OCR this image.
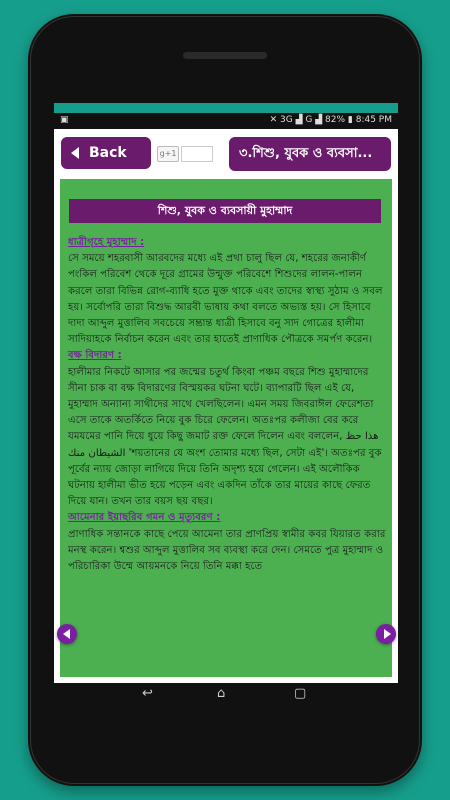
▣	✕ 3G ▟ G ▟ 82% ▮ 8:45 PM
Back	g+1	৩.শিশু, যুবক ও ব্যবসা...
শিশু, যুবক ও ব্যবসায়ী মুহাম্মাদ
ধাত্রীগৃহে মুহাম্মাদ :
সে সময়ে শহরবাসী আরবদের মধ্যে এই প্রথা চালু ছিল যে, শহরের জনাকীর্ণ পংকিল পরিবেশ থেকে দূরে গ্রামের উন্মুক্ত পরিবেশে শিশুদের লালন-পালন করলে তারা বিভিন্ন রোগ-ব্যাধি হতে মুক্ত থাকে এবং তাদের স্বাস্থ্য সুঠাম ও সবল হয়। সর্বোপরি তারা বিশুদ্ধ আরবী ভাষায় কথা বলতে অভ্যস্ত হয়। সে হিসাবে দাদা আব্দুল মুত্তালিব সবচেয়ে সম্ভ্রান্ত ধাত্রী হিসাবে বনু সাদ গোত্রের হালীমা সাদিয়াহকে নির্বাচন করেন এবং তার হাতেই প্রাণাধিক পৌত্রকে সমর্পণ করেন।
বক্ষ বিদারণ :
হালীমার নিকটে আসার পর জন্মের চতুর্থ কিংবা পঞ্চম বছরে শিশু মুহাম্মাদের সীনা চাক বা বক্ষ বিদারণের বিস্ময়কর ঘটনা ঘটে। ব্যাপারটি ছিল এই যে, মুহাম্মাদ অন্যান্য সাথীদের সাথে খেলছিলেন। এমন সময় জিবরাঈল ফেরেশতা এসে তাকে অতর্কিতে নিয়ে বুক চিরে ফেলেন। অতঃপর কলীজা বের করে যমযমের পানি দিয়ে ধুয়ে কিছু জমাট রক্ত ফেলে দিলেন এবং বললেন, هذا حظ الشيطان منك 'শয়তানের যে অংশ তোমার মধ্যে ছিল, সেটা এই'। অতঃপর বুক পূর্বের ন্যায় জোড়া লাগিয়ে দিয়ে তিনি অদৃশ্য হয়ে গেলেন। এই অলৌকিক ঘটনায় হালীমা ভীত হয়ে পড়েন এবং একদিন তাঁকে তার মায়ের কাছে ফেরত দিয়ে যান। তখন তার বয়স ছয় বছর।
আমেনার ইয়াছরিব গমন ও মৃত্যুবরণ :
প্রাণাধিক সন্তানকে কাছে পেয়ে আমেনা তার প্রাণপ্রিয় স্বামীর কবর যিয়ারত করার মনস্থ করেন। শ্বশুর আব্দুল মুত্তালিব সব ব্যবস্থা করে দেন। সেমতে পুত্র মুহাম্মাদ ও পরিচারিকা উম্মে আয়মনকে নিয়ে তিনি মক্কা হতে
↩	⌂	▢
